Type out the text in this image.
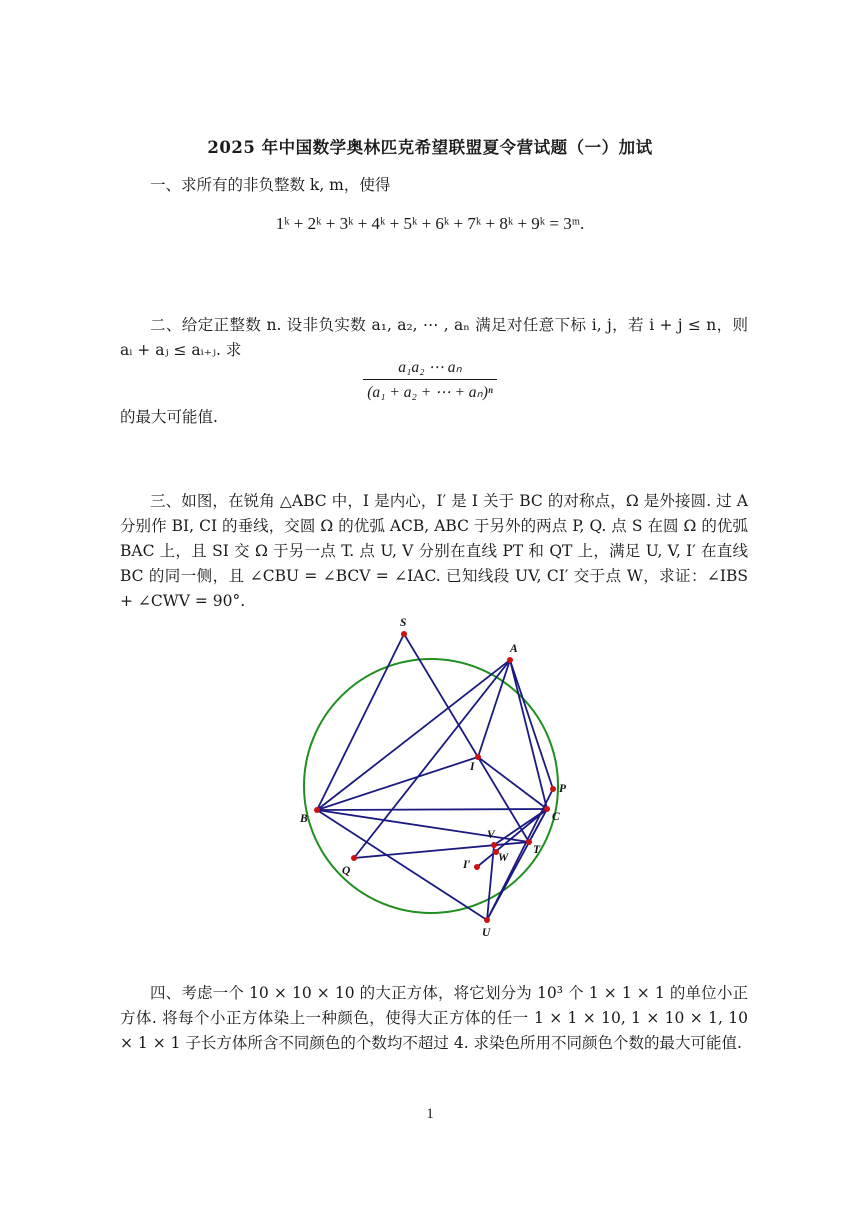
2025 年中国数学奥林匹克希望联盟夏令营试题（一）加试
一、求所有的非负整数 k, m，使得
1ᵏ + 2ᵏ + 3ᵏ + 4ᵏ + 5ᵏ + 6ᵏ + 7ᵏ + 8ᵏ + 9ᵏ = 3ᵐ.
二、给定正整数 n. 设非负实数 a₁, a₂, ⋯ , aₙ 满足对任意下标 i, j，若 i + j ≤ n，则 aᵢ + aⱼ ≤ aᵢ₊ⱼ. 求
$\frac{\text{a₁a₂ ⋯ aₙ}}{\text{(a₁ + a₂ + ⋯ + aₙ)ⁿ}}$
的最大可能值.
三、如图，在锐角 △ABC 中，I 是内心，I′ 是 I 关于 BC 的对称点，Ω 是外接圆. 过 A 分别作 BI, CI 的垂线，交圆 Ω 的优弧 ACB, ABC 于另外的两点 P, Q. 点 S 在圆 Ω 的优弧 BAC 上，且 SI 交 Ω 于另一点 T. 点 U, V 分别在直线 PT 和 QT 上，满足 U, V, I′ 在直线 BC 的同一侧，且 ∠CBU = ∠BCV = ∠IAC. 已知线段 UV, CI′ 交于点 W，求证：∠IBS + ∠CWV = 90°.
S
A
I
P
B	C
V
W
T
I′
Q
U
四、考虑一个 10 × 10 × 10 的大正方体，将它划分为 10³ 个 1 × 1 × 1 的单位小正方体. 将每个小正方体染上一种颜色，使得大正方体的任一 1 × 1 × 10, 1 × 10 × 1, 10 × 1 × 1 子长方体所含不同颜色的个数均不超过 4. 求染色所用不同颜色个数的最大可能值.
1
